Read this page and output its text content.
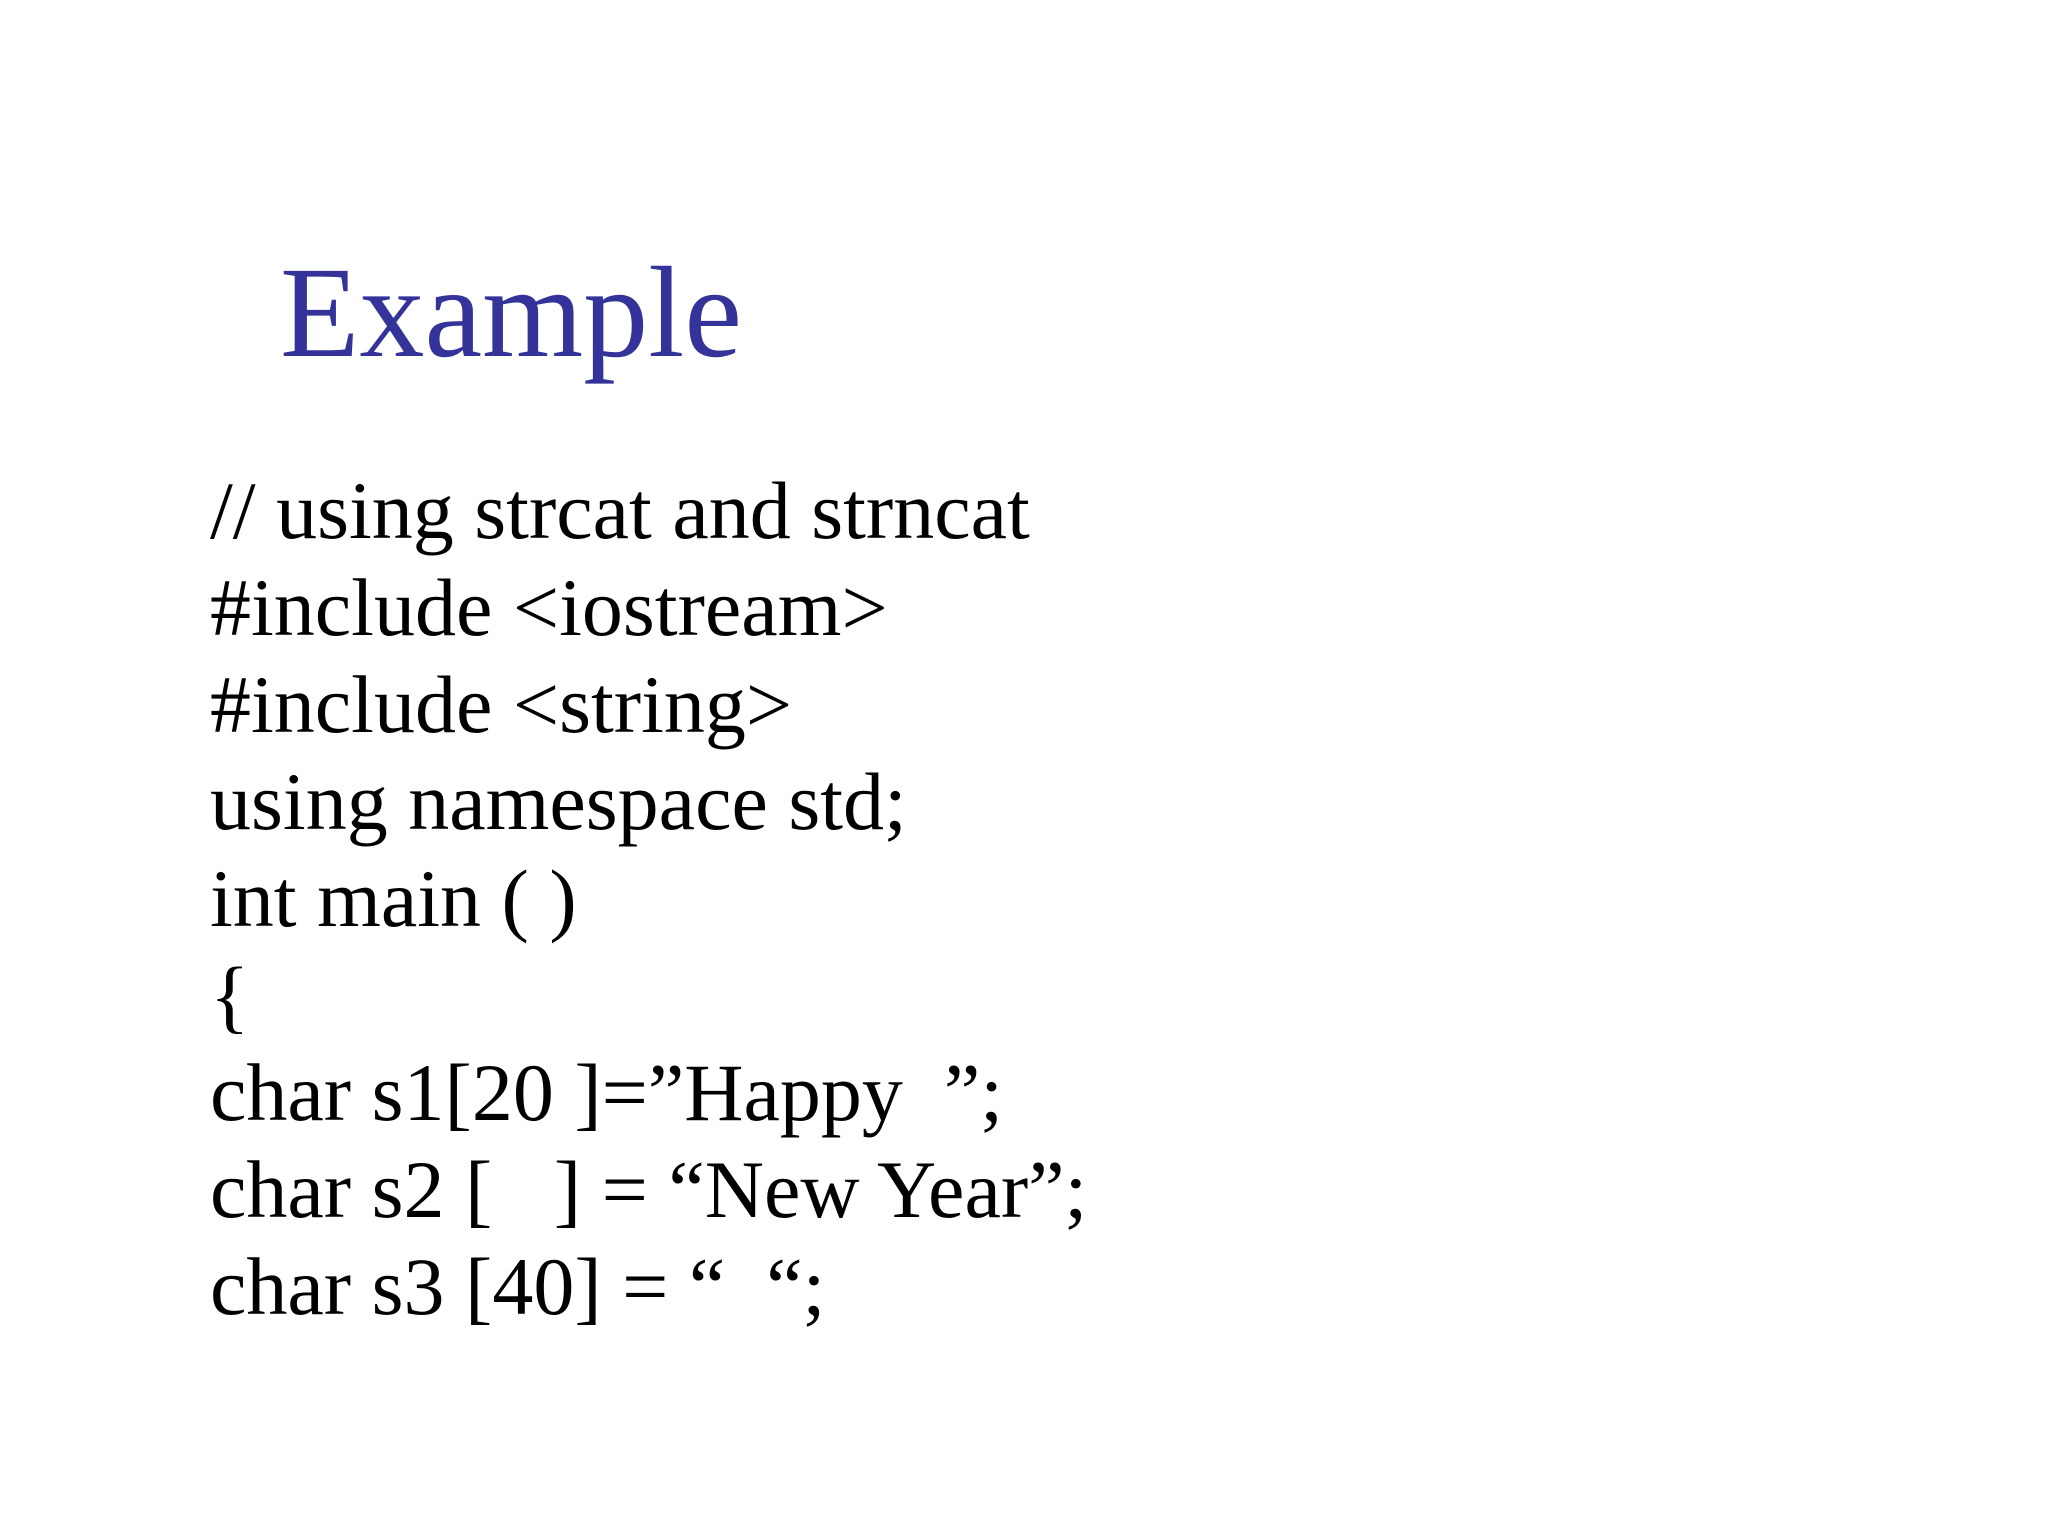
Example
// using strcat and strncat
#include <iostream>
#include <string>
using namespace std;
int main ( )
{
char s1[20 ]=”Happy  ”;
char s2 [   ] = “New Year”;
char s3 [40] = “  “;
